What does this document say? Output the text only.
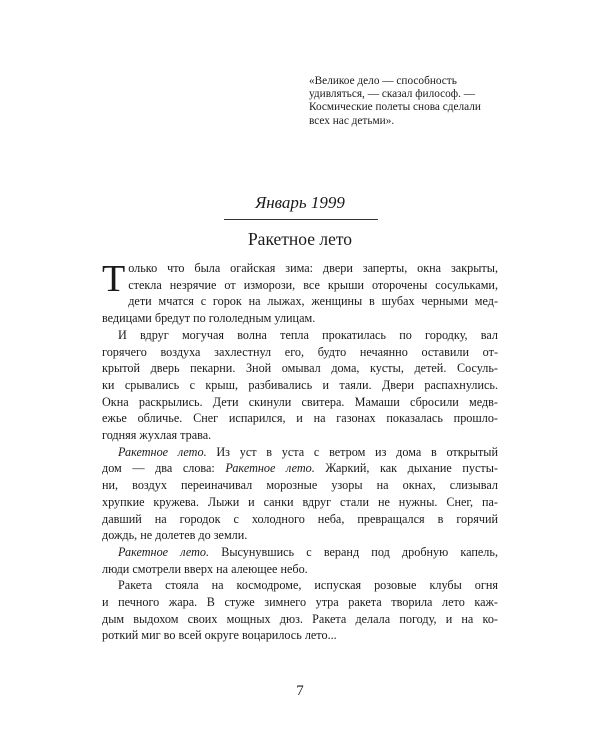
«Великое дело — способность
удивляться, — сказал философ. —
Космические полеты снова сделали
всех нас детьми».
Январь 1999
Ракетное лето

Т олько что была огайская зима: двери заперты, окна закрыты,
стекла незрячие от изморози, все крыши оторочены сосульками,
дети мчатся с горок на лыжах, женщины в шубах черными мед-
ведицами бредут по гололедным улицам.

И вдруг могучая волна тепла прокатилась по городку, вал
горячего воздуха захлестнул его, будто нечаянно оставили от-
крытой дверь пекарни. Зной омывал дома, кусты, детей. Сосуль-
ки срывались с крыш, разбивались и таяли. Двери распахнулись.
Окна раскрылись. Дети скинули свитера. Мамаши сбросили медв-
ежье обличье. Снег испарился, и на газонах показалась прошло-
годняя жухлая трава.

Ракетное лето. Из уст в уста с ветром из дома в открытый
дом — два слова: Ракетное лето. Жаркий, как дыхание пусты-
ни, воздух переиначивал морозные узоры на окнах, слизывал
хрупкие кружева. Лыжи и санки вдруг стали не нужны. Снег, па-
давший на городок с холодного неба, превращался в горячий
дождь, не долетев до земли.

Ракетное лето. Высунувшись с веранд под дробную капель,
люди смотрели вверх на алеющее небо.

Ракета стояла на космодроме, испуская розовые клубы огня
и печного жара. В стуже зимнего утра ракета творила лето каж-
дым выдохом своих мощных дюз. Ракета делала погоду, и на ко-
роткий миг во всей округе воцарилось лето...

7
